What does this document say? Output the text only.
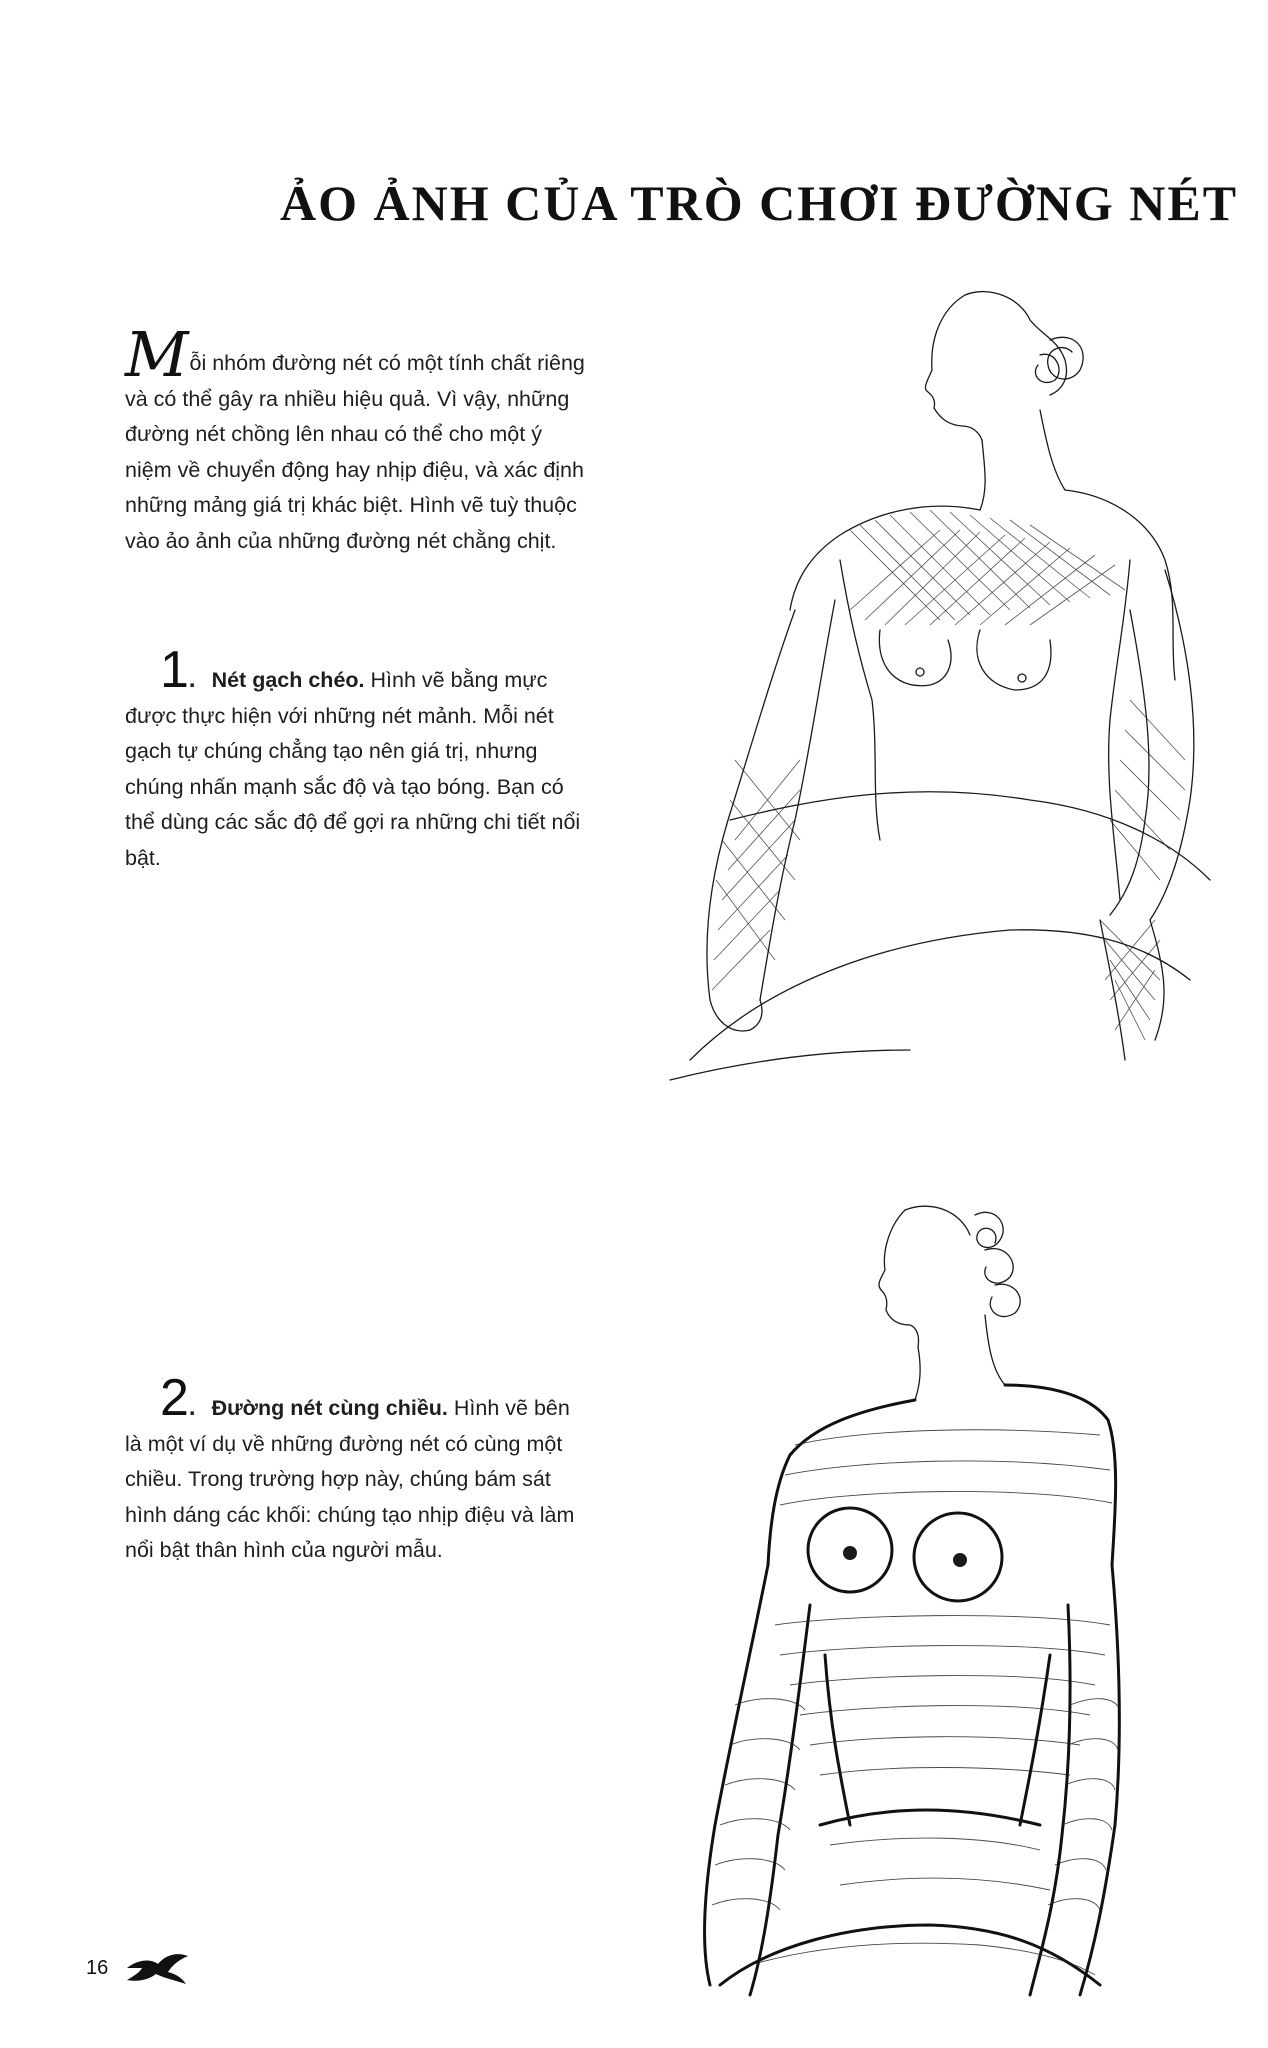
ẢO ẢNH CỦA TRÒ CHƠI ĐƯỜNG NÉT
Mỗi nhóm đường nét có một tính chất riêng và có thể gây ra nhiều hiệu quả. Vì vậy, những đường nét chồng lên nhau có thể cho một ý niệm về chuyển động hay nhịp điệu, và xác định những mảng giá trị khác biệt. Hình vẽ tuỳ thuộc vào ảo ảnh của những đường nét chằng chịt.
1. Nét gạch chéo. Hình vẽ bằng mực được thực hiện với những nét mảnh. Mỗi nét gạch tự chúng chẳng tạo nên giá trị, nhưng chúng nhấn mạnh sắc độ và tạo bóng. Bạn có thể dùng các sắc độ để gợi ra những chi tiết nổi bật.
2. Đường nét cùng chiều. Hình vẽ bên là một ví dụ về những đường nét có cùng một chiều. Trong trường hợp này, chúng bám sát hình dáng các khối: chúng tạo nhịp điệu và làm nổi bật thân hình của người mẫu.
16
